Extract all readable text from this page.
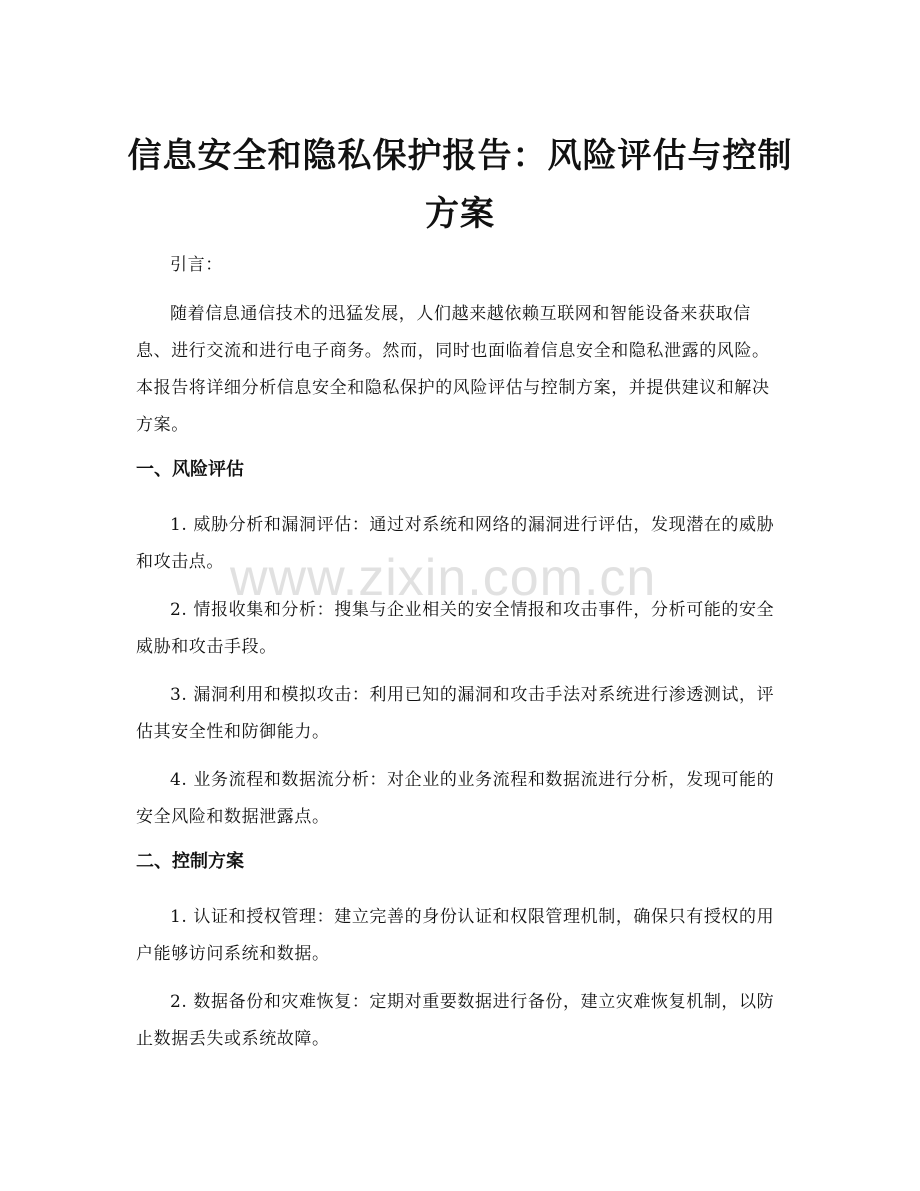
信息安全和隐私保护报告：风险评估与控制
方案

引言：

随着信息通信技术的迅猛发展，人们越来越依赖互联网和智能设备来获取信息、进行交流和进行电子商务。然而，同时也面临着信息安全和隐私泄露的风险。本报告将详细分析信息安全和隐私保护的风险评估与控制方案，并提供建议和解决方案。

一、风险评估

1. 威胁分析和漏洞评估：通过对系统和网络的漏洞进行评估，发现潜在的威胁和攻击点。

2. 情报收集和分析：搜集与企业相关的安全情报和攻击事件，分析可能的安全威胁和攻击手段。

3. 漏洞利用和模拟攻击：利用已知的漏洞和攻击手法对系统进行渗透测试，评估其安全性和防御能力。

4. 业务流程和数据流分析：对企业的业务流程和数据流进行分析，发现可能的安全风险和数据泄露点。

二、控制方案

1. 认证和授权管理：建立完善的身份认证和权限管理机制，确保只有授权的用户能够访问系统和数据。

2. 数据备份和灾难恢复：定期对重要数据进行备份，建立灾难恢复机制，以防止数据丢失或系统故障。

www.zixin.com.cn
